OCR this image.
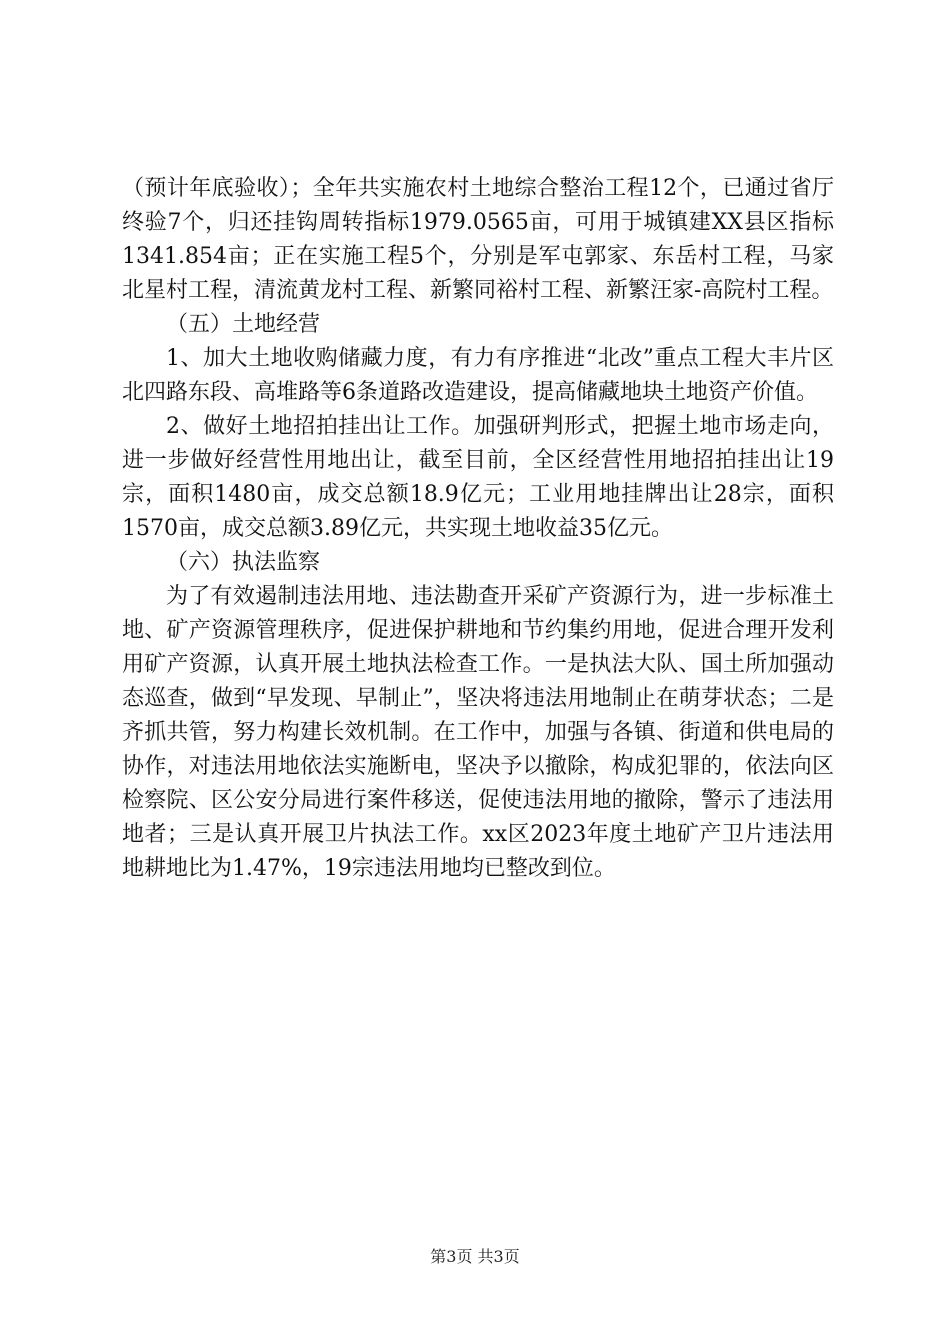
（预计年底验收）；全年共实施农村土地综合整治工程12个，已通过省厅终验7个，归还挂钩周转指标1979.0565亩，可用于城镇建XX县区指标1341.854亩；正在实施工程5个，分别是军屯郭家、东岳村工程，马家北星村工程，清流黄龙村工程、新繁同裕村工程、新繁汪家-高院村工程。

（五）土地经营

1、加大土地收购储藏力度，有力有序推进“北改”重点工程大丰片区北四路东段、高堆路等6条道路改造建设，提高储藏地块土地资产价值。

2、做好土地招拍挂出让工作。加强研判形式，把握土地市场走向，进一步做好经营性用地出让，截至目前，全区经营性用地招拍挂出让19宗，面积1480亩，成交总额18.9亿元；工业用地挂牌出让28宗，面积1570亩，成交总额3.89亿元，共实现土地收益35亿元。

（六）执法监察

为了有效遏制违法用地、违法勘查开采矿产资源行为，进一步标准土地、矿产资源管理秩序，促进保护耕地和节约集约用地，促进合理开发利用矿产资源，认真开展土地执法检查工作。一是执法大队、国土所加强动态巡查，做到“早发现、早制止”，坚决将违法用地制止在萌芽状态；二是齐抓共管，努力构建长效机制。在工作中，加强与各镇、街道和供电局的协作，对违法用地依法实施断电，坚决予以撤除，构成犯罪的，依法向区检察院、区公安分局进行案件移送，促使违法用地的撤除，警示了违法用地者；三是认真开展卫片执法工作。xx区2023年度土地矿产卫片违法用地耕地比为1.47%，19宗违法用地均已整改到位。

第3页 共3页
